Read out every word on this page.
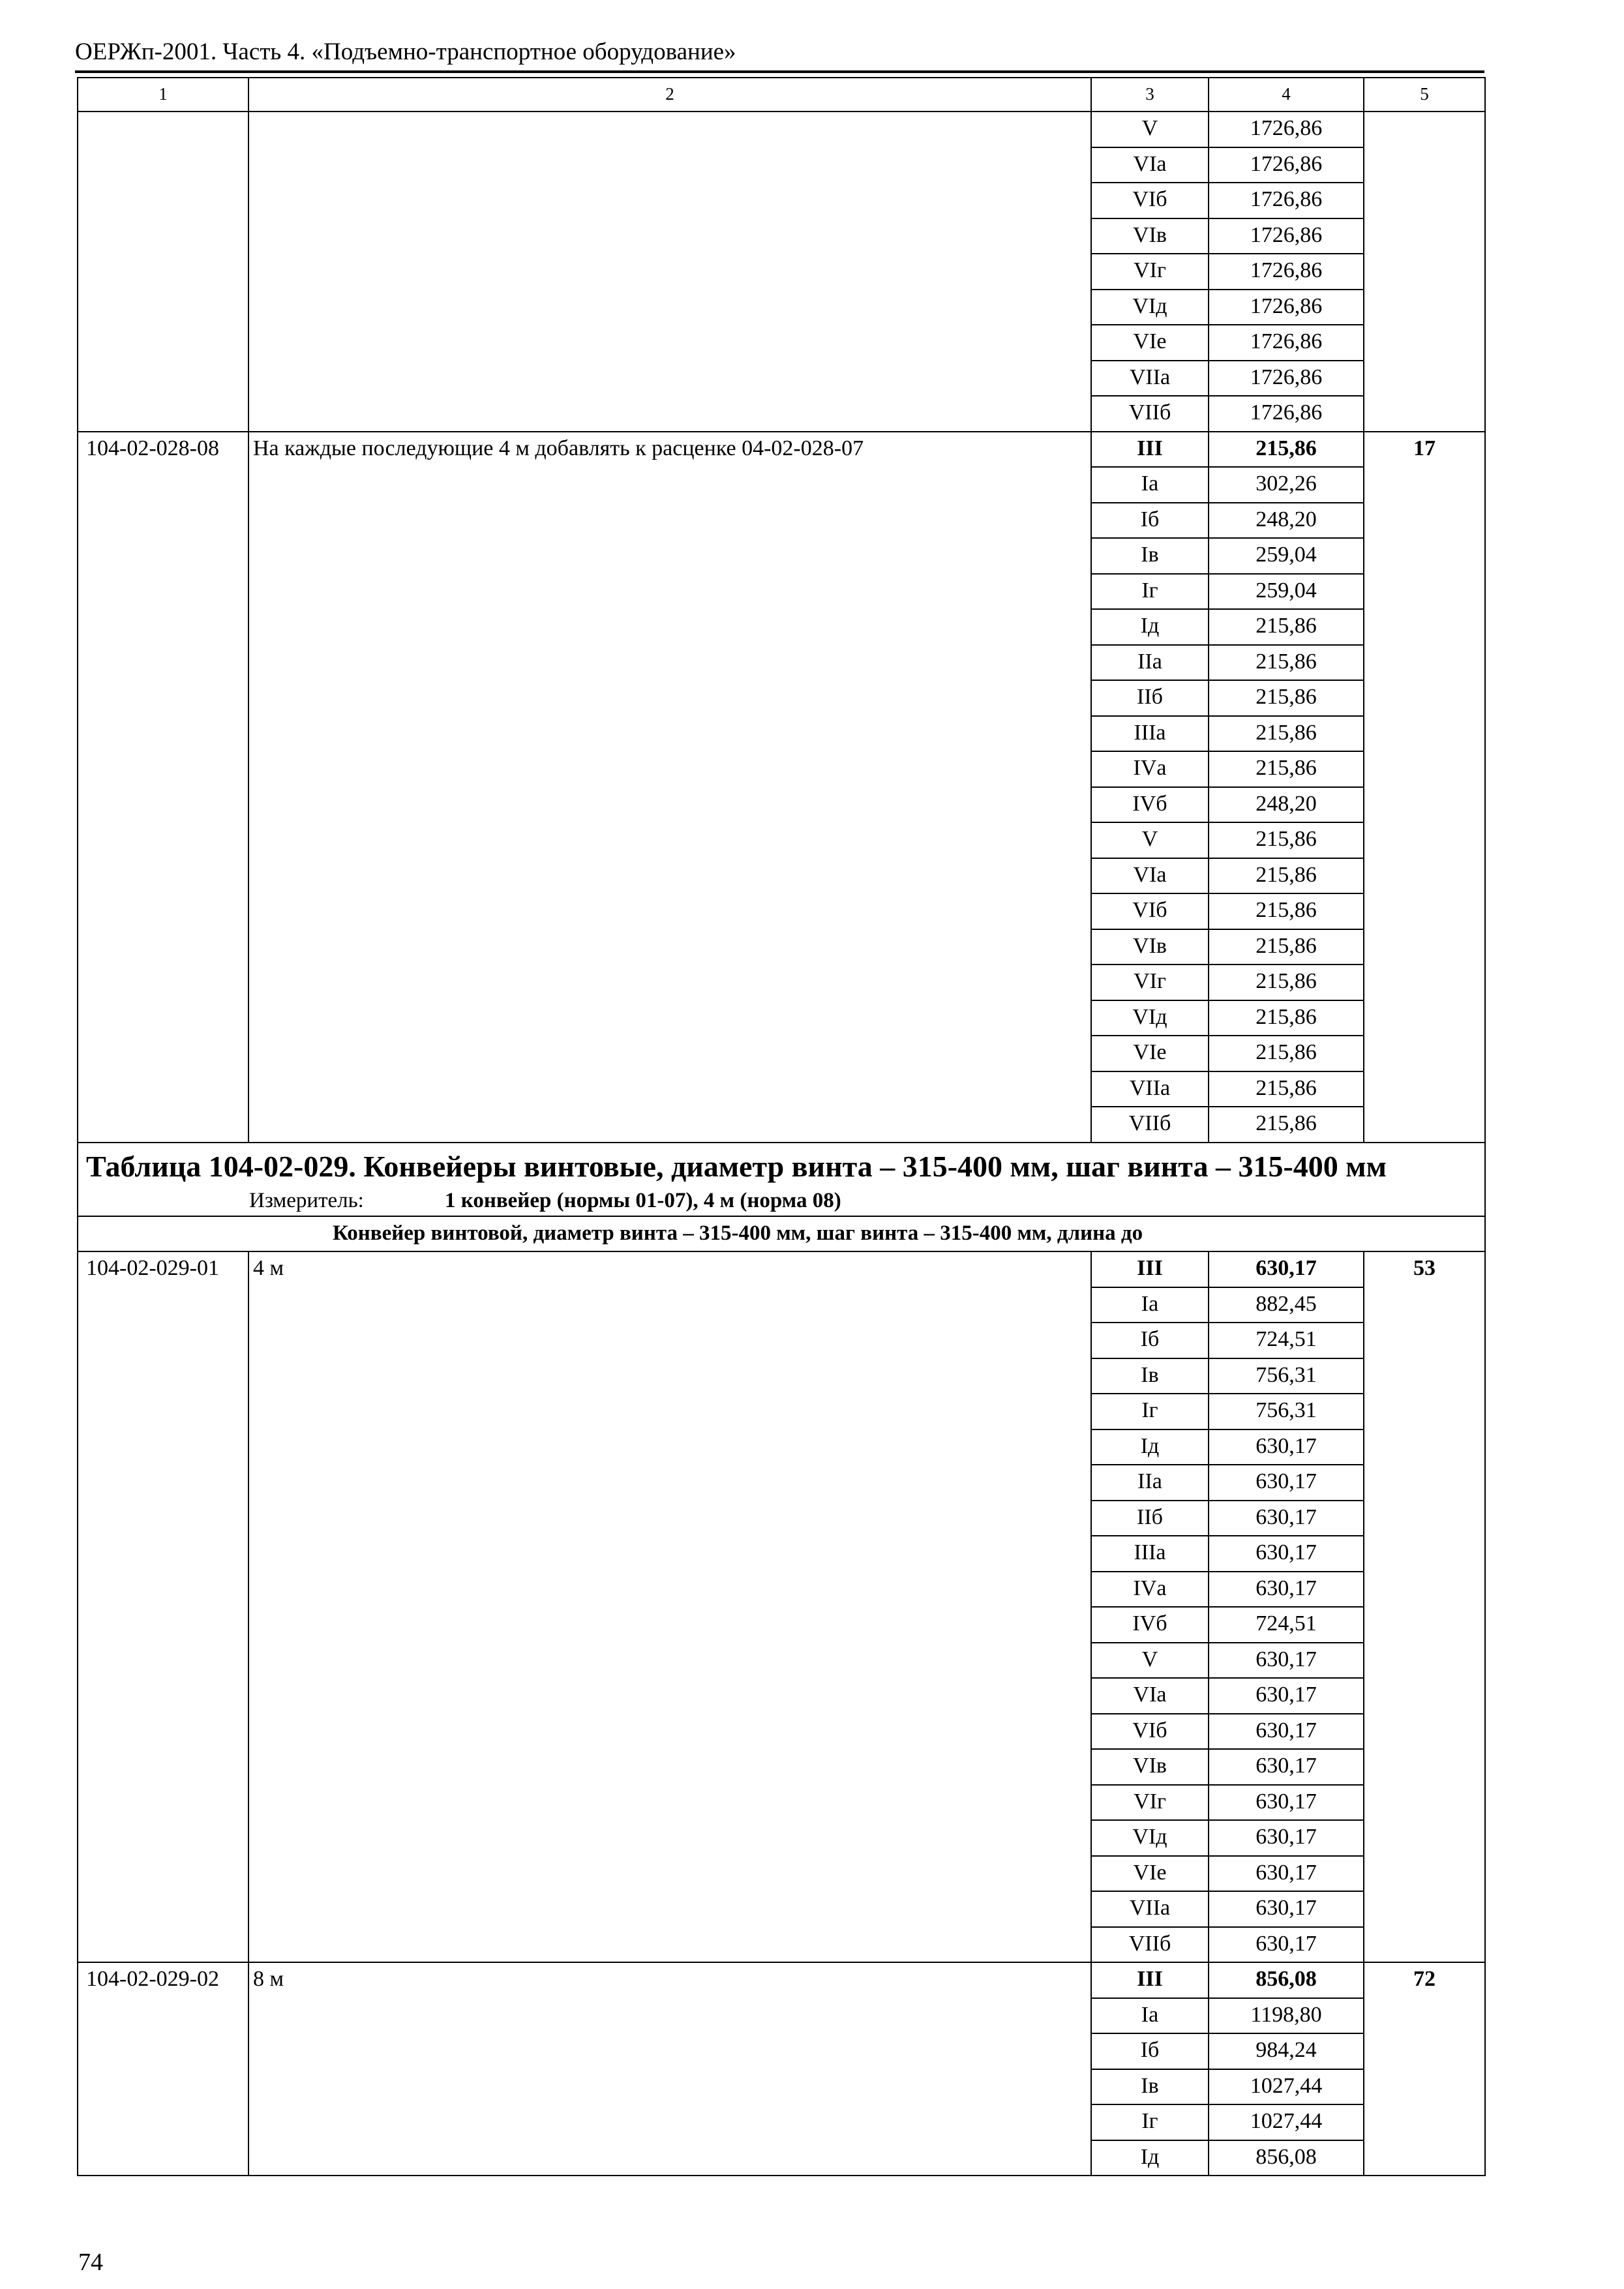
ОЕРЖп-2001. Часть 4. «Подъемно-транспортное оборудование»
1	2	3	4	5
		V	1726,86	
		VIа	1726,86	
		VIб	1726,86	
		VIв	1726,86	
		VIг	1726,86	
		VIд	1726,86	
		VIе	1726,86	
		VIIа	1726,86	
		VIIб	1726,86	
104-02-028-08	На каждые последующие 4 м добавлять к расценке 04-02-028-07	III	215,86	17
		Iа	302,26	
		Iб	248,20	
		Iв	259,04	
		Iг	259,04	
		Iд	215,86	
		IIа	215,86	
		IIб	215,86	
		IIIа	215,86	
		IVа	215,86	
		IVб	248,20	
		V	215,86	
		VIа	215,86	
		VIб	215,86	
		VIв	215,86	
		VIг	215,86	
		VIд	215,86	
		VIе	215,86	
		VIIа	215,86	
		VIIб	215,86	

Таблица 104-02-029. Конвейеры винтовые, диаметр винта – 315-400 мм, шаг винта – 315-400 мм
Измеритель: 1 конвейер (нормы 01-07), 4 м (норма 08)				

Конвейер винтовой, диаметр винта – 315-400 мм, шаг винта – 315-400 мм, длина до				
104-02-029-01	4 м	III	630,17	53
		Iа	882,45	
		Iб	724,51	
		Iв	756,31	
		Iг	756,31	
		Iд	630,17	
		IIа	630,17	
		IIб	630,17	
		IIIа	630,17	
		IVа	630,17	
		IVб	724,51	
		V	630,17	
		VIа	630,17	
		VIб	630,17	
		VIв	630,17	
		VIг	630,17	
		VIд	630,17	
		VIе	630,17	
		VIIа	630,17	
		VIIб	630,17	
104-02-029-02	8 м	III	856,08	72
		Iа	1198,80	
		Iб	984,24	
		Iв	1027,44	
		Iг	1027,44	
		Iд	856,08	
74
